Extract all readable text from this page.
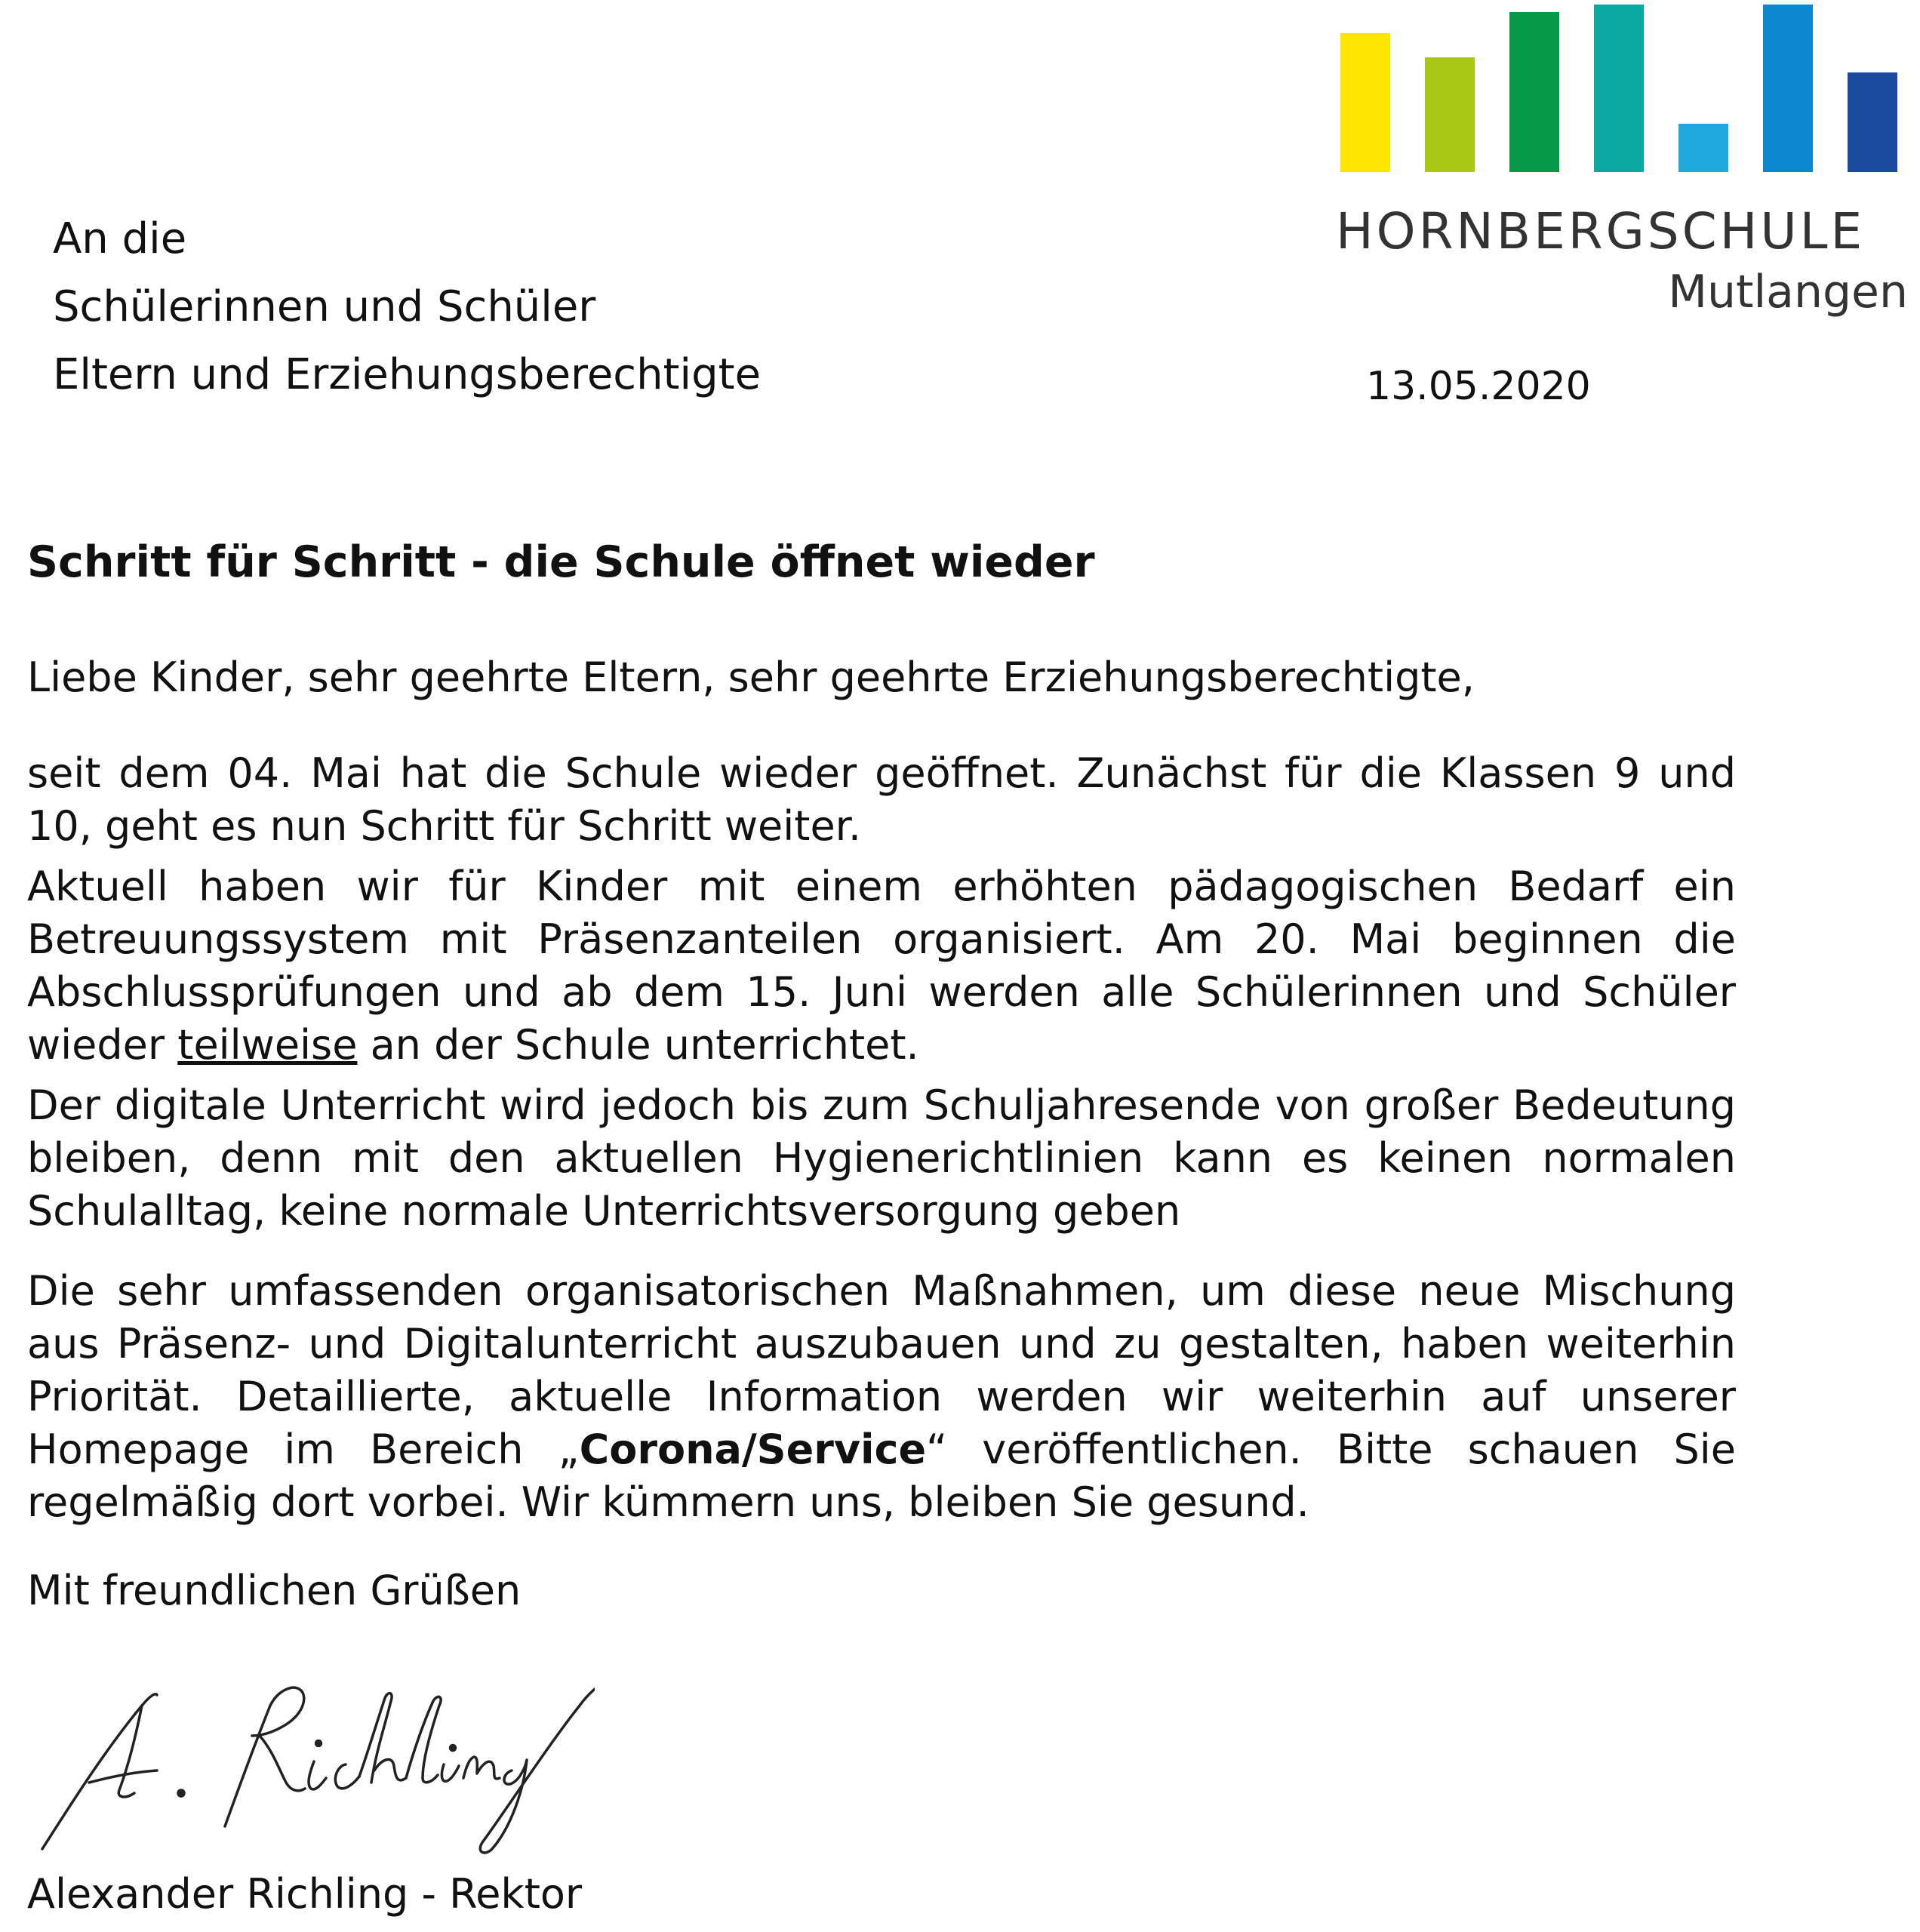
An die
Schülerinnen und Schüler
Eltern und Erziehungsberechtigte
HORNBERGSCHULE
Mutlangen
13.05.2020
Schritt für Schritt - die Schule öffnet wieder
Liebe Kinder, sehr geehrte Eltern, sehr geehrte Erziehungsberechtigte,

seit dem 04. Mai hat die Schule wieder geöffnet. Zunächst für die Klassen 9 und 10, geht es nun Schritt für Schritt weiter.

Aktuell haben wir für Kinder mit einem erhöhten pädagogischen Bedarf ein Betreuungssystem mit Präsenzanteilen organisiert. Am 20. Mai beginnen die Abschlussprüfungen und ab dem 15. Juni werden alle Schülerinnen und Schüler wieder teilweise an der Schule unterrichtet.

Der digitale Unterricht wird jedoch bis zum Schuljahresende von großer Bedeutung bleiben, denn mit den aktuellen Hygienerichtlinien kann es keinen normalen Schulalltag, keine normale Unterrichtsversorgung geben

Die sehr umfassenden organisatorischen Maßnahmen, um diese neue Mischung aus Präsenz- und Digitalunterricht auszubauen und zu gestalten, haben weiterhin Priorität. Detaillierte, aktuelle Information werden wir weiterhin auf unserer Homepage im Bereich „Corona/Service“ veröffentlichen. Bitte schauen Sie regelmäßig dort vorbei. Wir kümmern uns, bleiben Sie gesund.

Mit freundlichen Grüßen
Alexander Richling - Rektor
